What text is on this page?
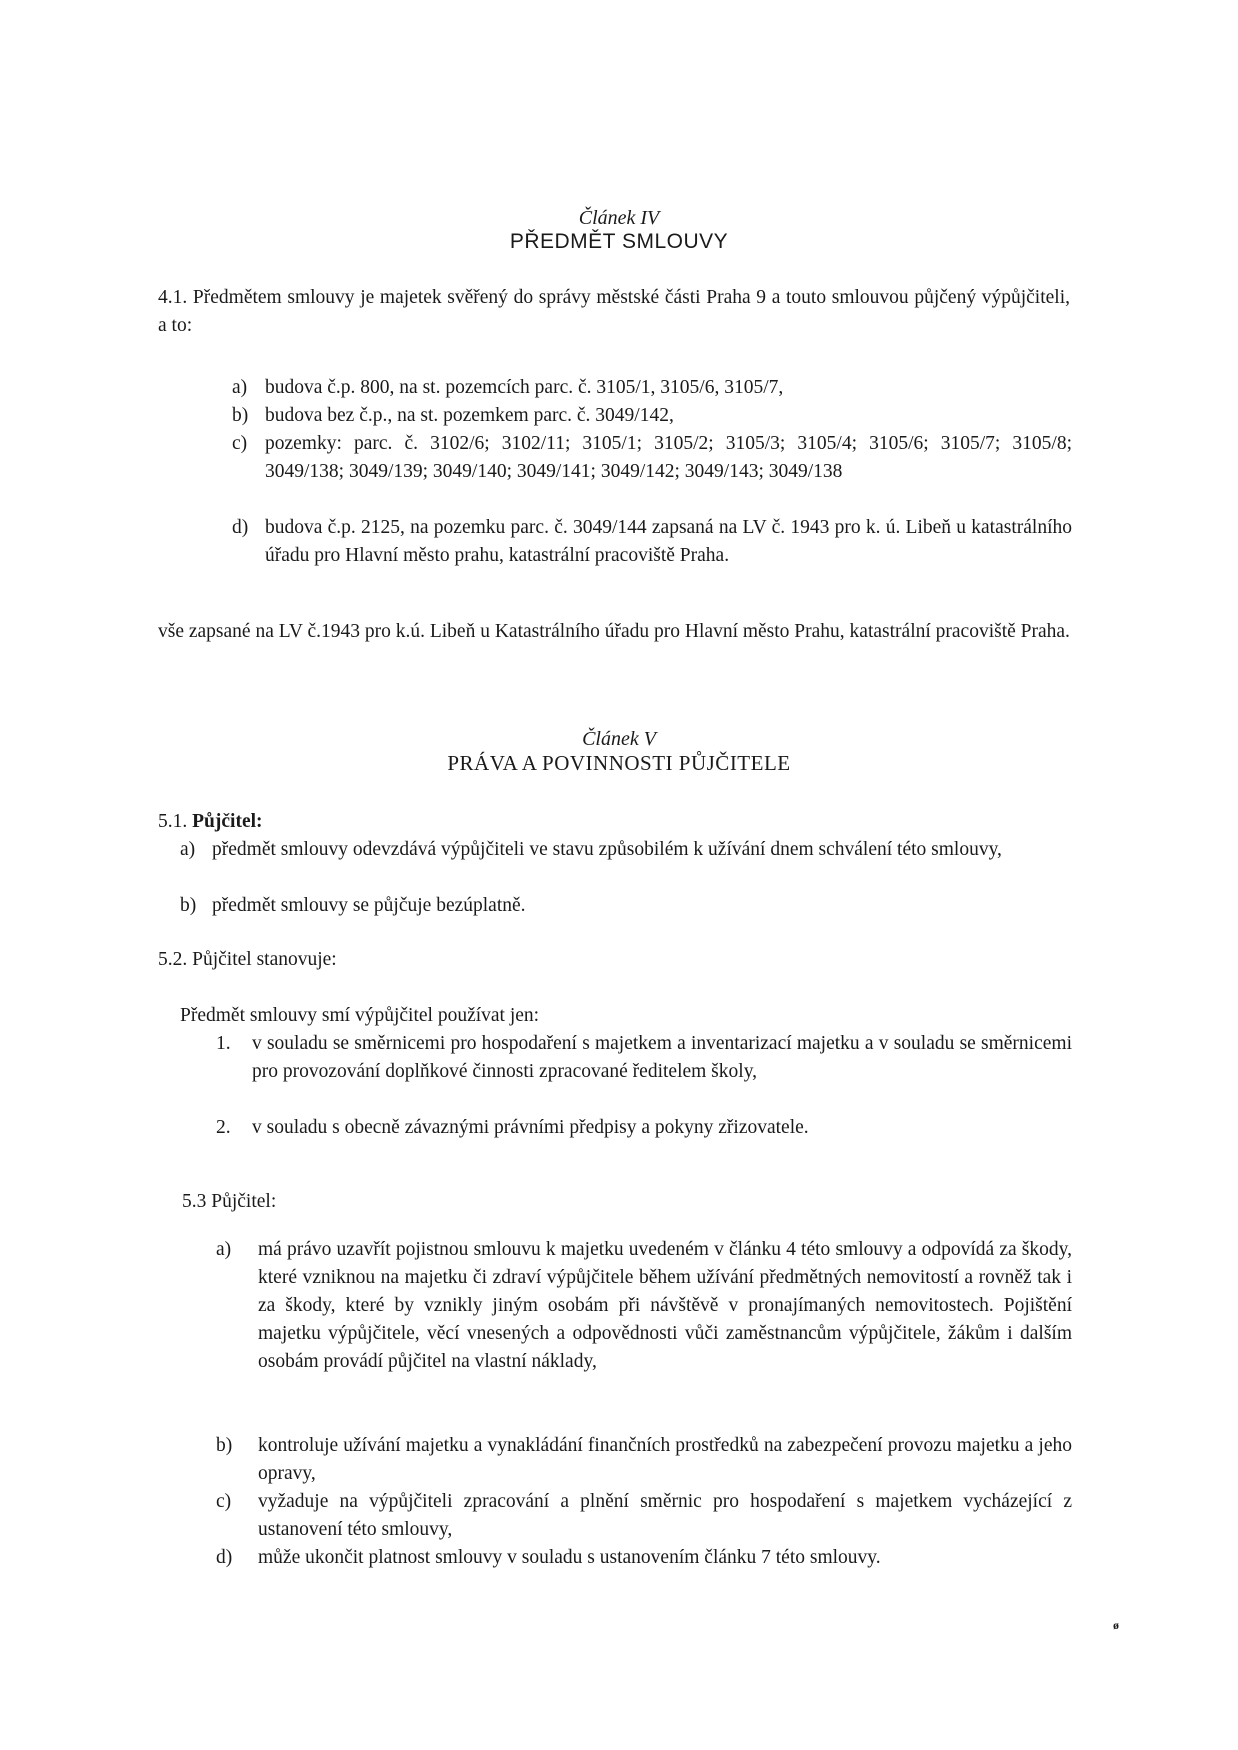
Článek IV
PŘEDMĚT SMLOUVY
4.1. Předmětem smlouvy je majetek svěřený do správy městské části Praha 9 a touto smlouvou půjčený výpůjčiteli, a to:
a) budova č.p. 800, na st. pozemcích parc. č. 3105/1, 3105/6, 3105/7,
b) budova bez č.p., na st. pozemkem parc. č. 3049/142,
c) pozemky: parc. č. 3102/6; 3102/11; 3105/1; 3105/2; 3105/3; 3105/4; 3105/6; 3105/7; 3105/8; 3049/138; 3049/139; 3049/140; 3049/141; 3049/142; 3049/143; 3049/138
d) budova č.p. 2125, na pozemku parc. č. 3049/144 zapsaná na LV č. 1943 pro k. ú. Libeň u katastrálního úřadu pro Hlavní město prahu, katastrální pracoviště Praha.
vše zapsané na LV č.1943 pro k.ú. Libeň u Katastrálního úřadu pro Hlavní město Prahu, katastrální pracoviště Praha.
Článek V
PRÁVA A POVINNOSTI PŮJČITELE
5.1. Půjčitel:
a) předmět smlouvy odevzdává výpůjčiteli ve stavu způsobilém k užívání dnem schválení této smlouvy,
b) předmět smlouvy se půjčuje bezúplatně.
5.2. Půjčitel stanovuje:
Předmět smlouvy smí výpůjčitel používat jen:
1. v souladu se směrnicemi pro hospodaření s majetkem a inventarizací majetku a v souladu se směrnicemi pro provozování doplňkové činnosti zpracované ředitelem školy,
2. v souladu s obecně závaznými právními předpisy a pokyny zřizovatele.
5.3 Půjčitel:
a) má právo uzavřít pojistnou smlouvu k majetku uvedeném v článku 4 této smlouvy a odpovídá za škody, které vzniknou na majetku či zdraví výpůjčitele během užívání předmětných nemovitostí a rovněž tak i za škody, které by vznikly jiným osobám při návštěvě v pronajímaných nemovitostech. Pojištění majetku výpůjčitele, věcí vnesených a odpovědnosti vůči zaměstnancům výpůjčitele, žákům i dalším osobám provádí půjčitel na vlastní náklady,
b) kontroluje užívání majetku a vynakládání finančních prostředků na zabezpečení provozu majetku a jeho opravy,
c) vyžaduje na výpůjčiteli zpracování a plnění směrnic pro hospodaření s majetkem vycházející z ustanovení této smlouvy,
d) může ukončit platnost smlouvy v souladu s ustanovením článku 7 této smlouvy.
ø
